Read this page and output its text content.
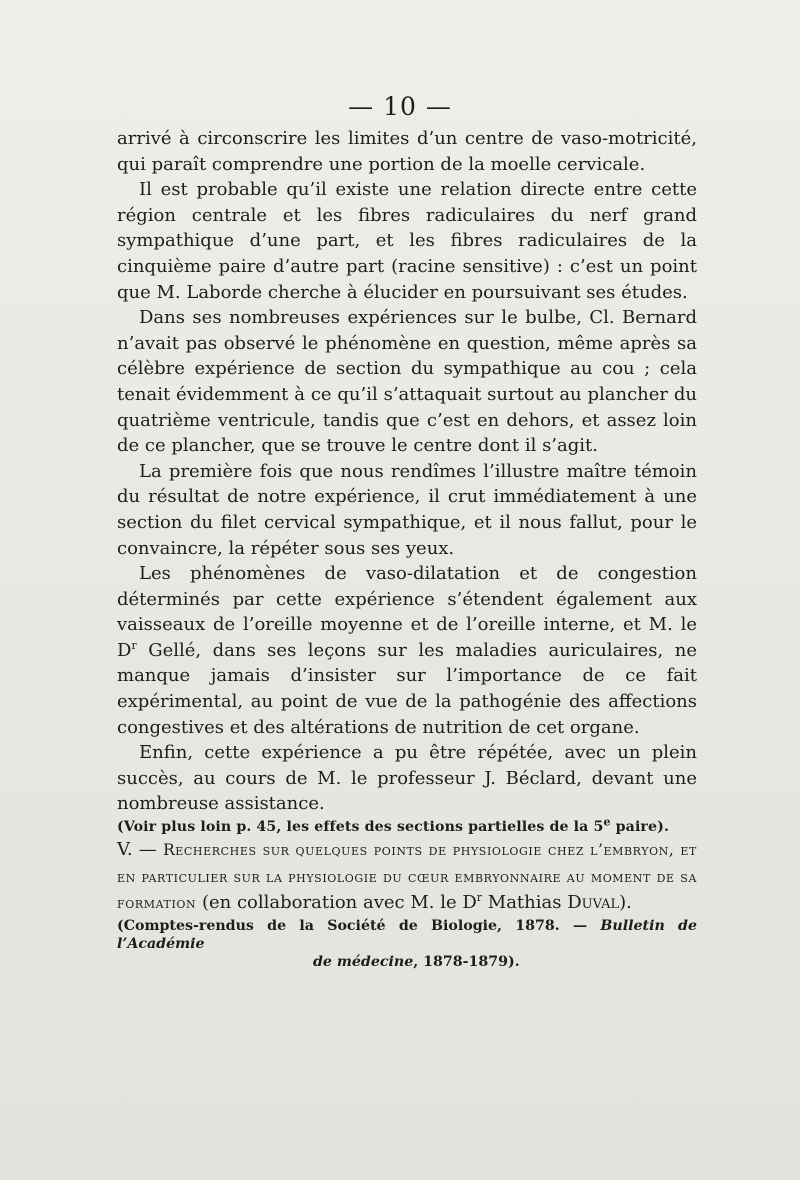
— 10 —

arrivé à circonscrire les limites d’un centre de vaso-motricité, qui paraît comprendre une portion de la moelle cervicale.

Il est probable qu’il existe une relation directe entre cette région centrale et les fibres radiculaires du nerf grand sympathique d’une part, et les fibres radiculaires de la cinquième paire d’autre part (racine sensitive) : c’est un point que M. Laborde cherche à élucider en poursuivant ses études.

Dans ses nombreuses expériences sur le bulbe, Cl. Bernard n’avait pas observé le phénomène en question, même après sa célèbre expérience de section du sympathique au cou ; cela tenait évidemment à ce qu’il s’attaquait surtout au plancher du quatrième ventricule, tandis que c’est en dehors, et assez loin de ce plancher, que se trouve le centre dont il s’agit.

La première fois que nous rendîmes l’illustre maître témoin du résultat de notre expérience, il crut immédiatement à une section du filet cervical sympathique, et il nous fallut, pour le convaincre, la répéter sous ses yeux.

Les phénomènes de vaso-dilatation et de congestion déterminés par cette expérience s’étendent également aux vaisseaux de l’oreille moyenne et de l’oreille interne, et M. le $D^r$ Gellé, dans ses leçons sur les maladies auriculaires, ne manque jamais d’insister sur l’importance de ce fait expérimental, au point de vue de la pathogénie des affections congestives et des altérations de nutrition de cet organe.

Enfin, cette expérience a pu être répétée, avec un plein succès, au cours de M. le professeur J. Béclard, devant une nombreuse assistance.

(Voir plus loin p. 45, les effets des sections partielles de la 5e paire).

V. — Recherches sur quelques points de physiologie chez l’embryon, et en particulier sur la physiologie du cœur embryonnaire au moment de sa formation (en collaboration avec M. le $D^r$ Mathias Duval).

(Comptes-rendus de la Société de Biologie, 1878. — Bulletin de l’Académie
de médecine, 1878-1879).
